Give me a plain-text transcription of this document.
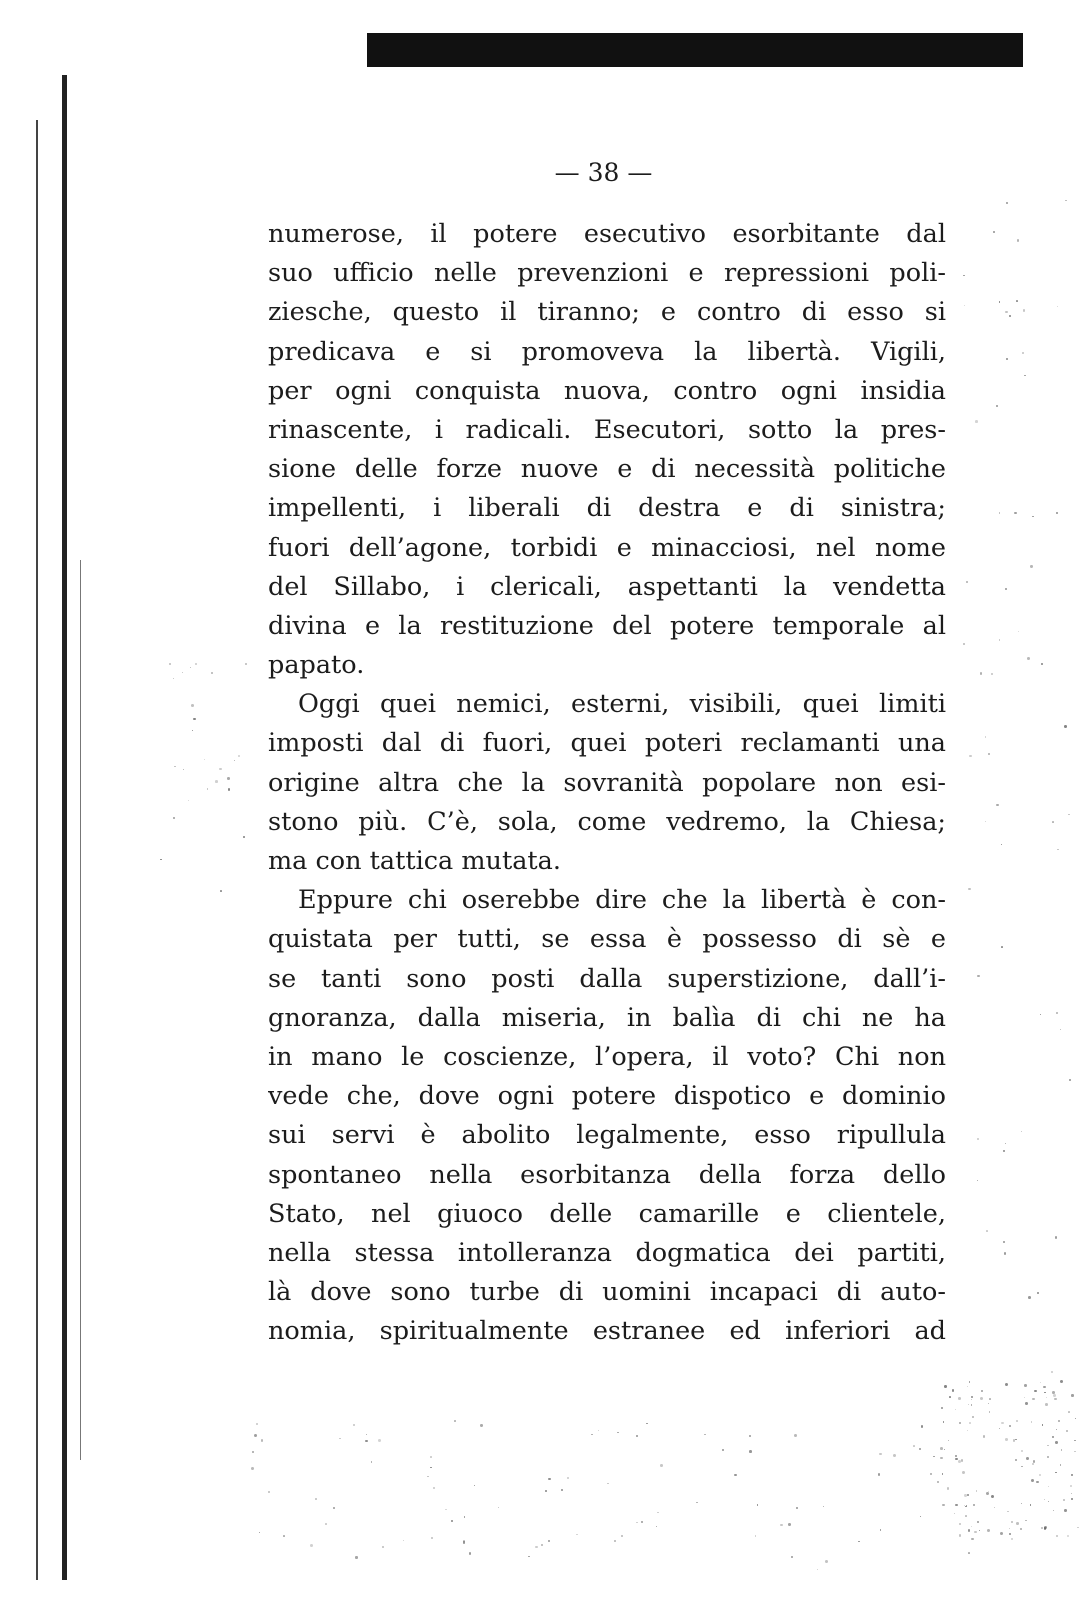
— 38 —
numerose, il potere esecutivo esorbitante dal
suo ufficio nelle prevenzioni e repressioni poli-
ziesche, questo il tiranno; e contro di esso si
predicava e si promoveva la libertà. Vigili,
per ogni conquista nuova, contro ogni insidia
rinascente, i radicali. Esecutori, sotto la pres-
sione delle forze nuove e di necessità politiche
impellenti, i liberali di destra e di sinistra;
fuori dell’agone, torbidi e minacciosi, nel nome
del Sillabo, i clericali, aspettanti la vendetta
divina e la restituzione del potere temporale al
papato.
Oggi quei nemici, esterni, visibili, quei limiti
imposti dal di fuori, quei poteri reclamanti una
origine altra che la sovranità popolare non esi-
stono più. C’è, sola, come vedremo, la Chiesa;
ma con tattica mutata.
Eppure chi oserebbe dire che la libertà è con-
quistata per tutti, se essa è possesso di sè e
se tanti sono posti dalla superstizione, dall’i-
gnoranza, dalla miseria, in balìa di chi ne ha
in mano le coscienze, l’opera, il voto? Chi non
vede che, dove ogni potere dispotico e dominio
sui servi è abolito legalmente, esso ripullula
spontaneo nella esorbitanza della forza dello
Stato, nel giuoco delle camarille e clientele,
nella stessa intolleranza dogmatica dei partiti,
là dove sono turbe di uomini incapaci di auto-
nomia, spiritualmente estranee ed inferiori ad
